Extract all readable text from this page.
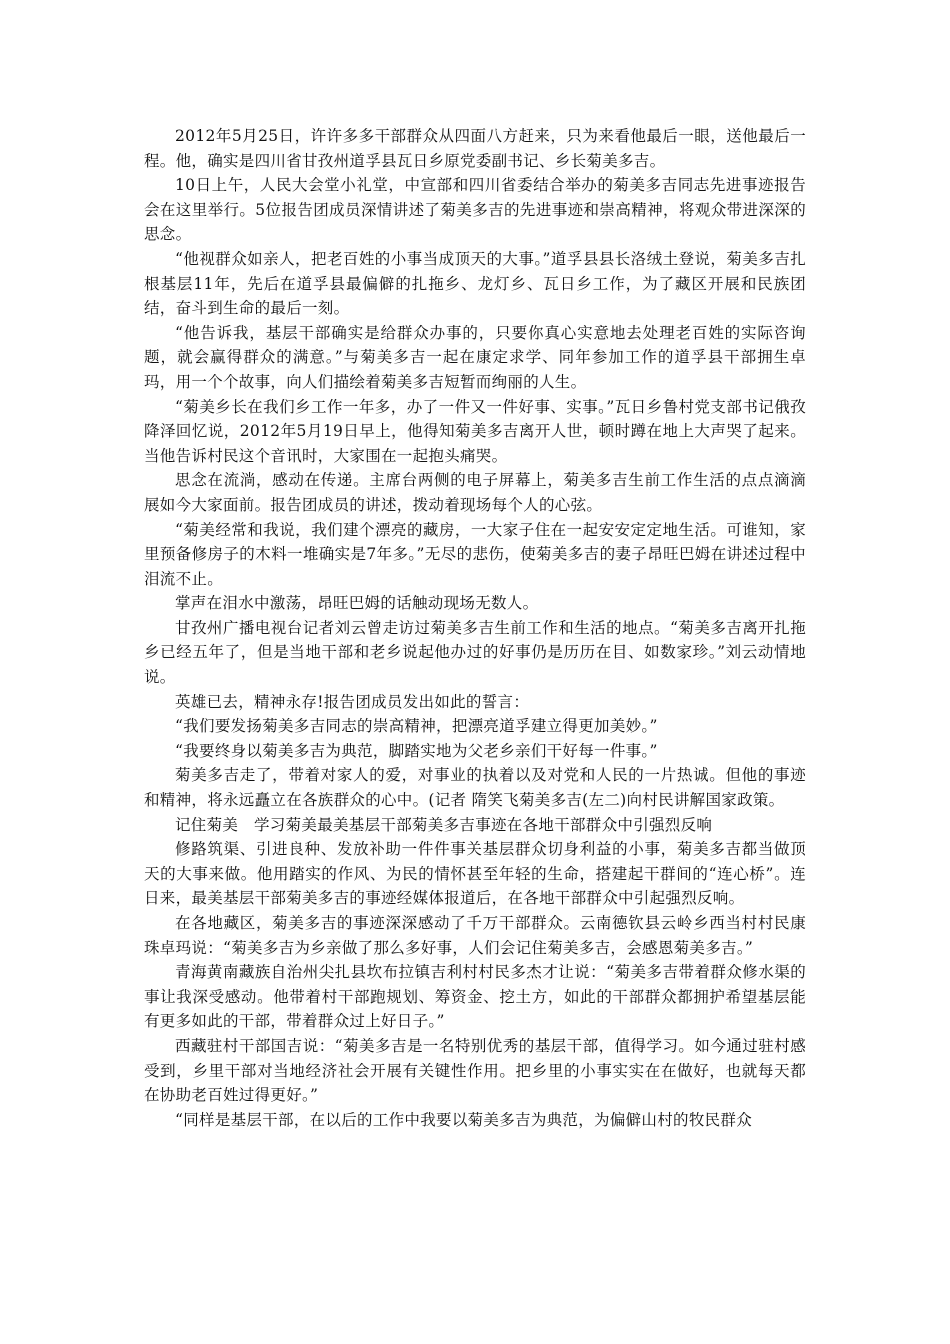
2012年5月25日，许许多多干部群众从四面八方赶来，只为来看他最后一眼，送他最后一程。他，确实是四川省甘孜州道孚县瓦日乡原党委副书记、乡长菊美多吉。

10日上午，人民大会堂小礼堂，中宣部和四川省委结合举办的菊美多吉同志先进事迹报告会在这里举行。5位报告团成员深情讲述了菊美多吉的先进事迹和崇高精神，将观众带进深深的思念。

“他视群众如亲人，把老百姓的小事当成顶天的大事。”道孚县县长洛绒土登说，菊美多吉扎根基层11年，先后在道孚县最偏僻的扎拖乡、龙灯乡、瓦日乡工作，为了藏区开展和民族团结，奋斗到生命的最后一刻。

“他告诉我，基层干部确实是给群众办事的，只要你真心实意地去处理老百姓的实际咨询题，就会赢得群众的满意。”与菊美多吉一起在康定求学、同年参加工作的道孚县干部拥生卓玛，用一个个故事，向人们描绘着菊美多吉短暂而绚丽的人生。

“菊美乡长在我们乡工作一年多，办了一件又一件好事、实事。”瓦日乡鲁村党支部书记俄孜降泽回忆说，2012年5月19日早上，他得知菊美多吉离开人世，顿时蹲在地上大声哭了起来。当他告诉村民这个音讯时，大家围在一起抱头痛哭。

思念在流淌，感动在传递。主席台两侧的电子屏幕上，菊美多吉生前工作生活的点点滴滴展如今大家面前。报告团成员的讲述，拨动着现场每个人的心弦。

“菊美经常和我说，我们建个漂亮的藏房，一大家子住在一起安安定定地生活。可谁知，家里预备修房子的木料一堆确实是7年多。”无尽的悲伤，使菊美多吉的妻子昂旺巴姆在讲述过程中泪流不止。

掌声在泪水中激荡，昂旺巴姆的话触动现场无数人。

甘孜州广播电视台记者刘云曾走访过菊美多吉生前工作和生活的地点。“菊美多吉离开扎拖乡已经五年了，但是当地干部和老乡说起他办过的好事仍是历历在目、如数家珍。”刘云动情地说。

英雄已去，精神永存!报告团成员发出如此的誓言：

“我们要发扬菊美多吉同志的崇高精神，把漂亮道孚建立得更加美妙。”

“我要终身以菊美多吉为典范，脚踏实地为父老乡亲们干好每一件事。”

菊美多吉走了，带着对家人的爱，对事业的执着以及对党和人民的一片热诚。但他的事迹和精神，将永远矗立在各族群众的心中。(记者 隋笑飞菊美多吉(左二)向村民讲解国家政策。

记住菊美　学习菊美最美基层干部菊美多吉事迹在各地干部群众中引强烈反响

修路筑渠、引进良种、发放补助一件件事关基层群众切身利益的小事，菊美多吉都当做顶天的大事来做。他用踏实的作风、为民的情怀甚至年轻的生命，搭建起干群间的“连心桥”。连日来，最美基层干部菊美多吉的事迹经媒体报道后，在各地干部群众中引起强烈反响。

在各地藏区，菊美多吉的事迹深深感动了千万干部群众。云南德钦县云岭乡西当村村民康珠卓玛说：“菊美多吉为乡亲做了那么多好事，人们会记住菊美多吉，会感恩菊美多吉。”

青海黄南藏族自治州尖扎县坎布拉镇吉利村村民多杰才让说：“菊美多吉带着群众修水渠的事让我深受感动。他带着村干部跑规划、筹资金、挖土方，如此的干部群众都拥护希望基层能有更多如此的干部，带着群众过上好日子。”

西藏驻村干部国吉说：“菊美多吉是一名特别优秀的基层干部，值得学习。如今通过驻村感受到，乡里干部对当地经济社会开展有关键性作用。把乡里的小事实实在在做好，也就每天都在协助老百姓过得更好。”

“同样是基层干部，在以后的工作中我要以菊美多吉为典范，为偏僻山村的牧民群众
